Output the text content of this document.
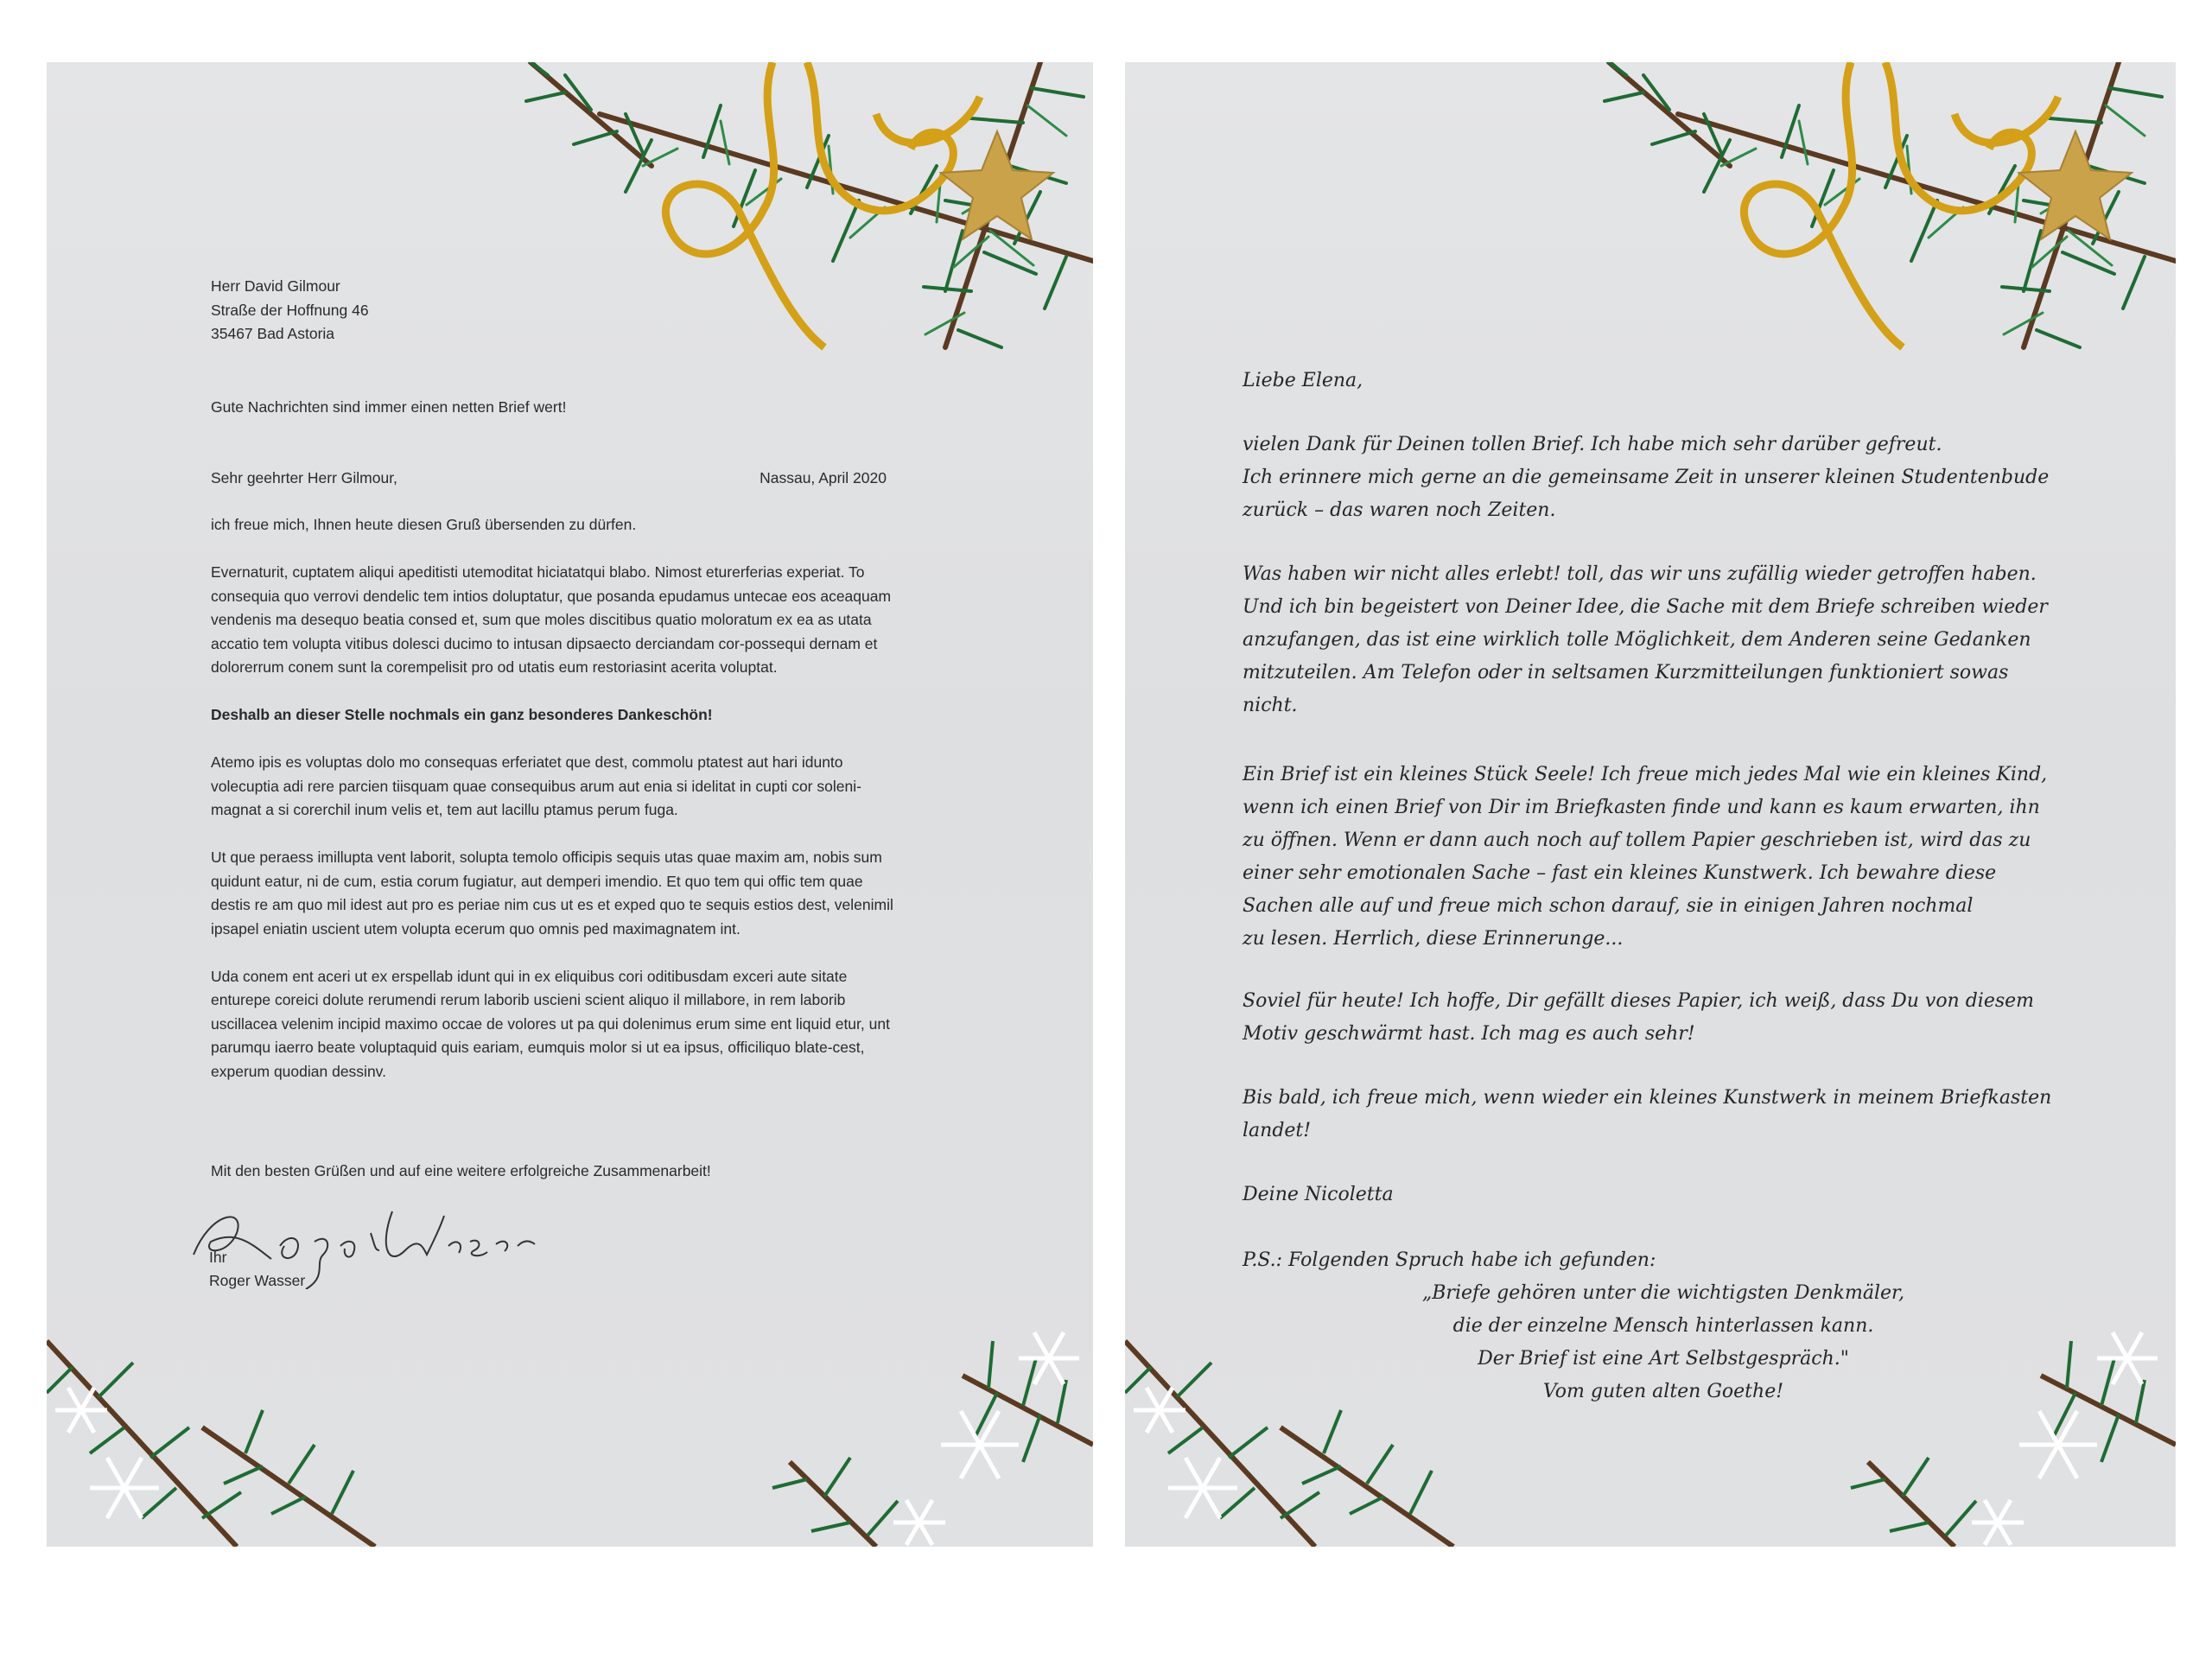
Herr David Gilmour
Straße der Hoffnung 46
35467 Bad Astoria
Gute Nachrichten sind immer einen netten Brief wert!
Sehr geehrter Herr Gilmour,	Nassau, April 2020

ich freue mich, Ihnen heute diesen Gruß übersenden zu dürfen.

Evernaturit, cuptatem aliqui apeditisti utemoditat hiciatatqui blabo. Nimost eturerferias experiat. To consequia quo verrovi dendelic tem intios doluptatur, que posanda epudamus untecae eos aceaquam vendenis ma desequo beatia consed et, sum que moles discitibus quatio moloratum ex ea as utata accatio tem volupta vitibus dolesci ducimo to intusan dipsaecto derciandam cor-possequi dernam et dolorerrum conem sunt la corempelisit pro od utatis eum restoriasint acerita voluptat.

Deshalb an dieser Stelle nochmals ein ganz besonderes Dankeschön!

Atemo ipis es voluptas dolo mo consequas erferiatet que dest, commolu ptatest aut hari idunto volecuptia adi rere parcien tiisquam quae consequibus arum aut enia si idelitat in cupti cor soleni-magnat a si corerchil inum velis et, tem aut lacillu ptamus perum fuga.

Ut que peraess imillupta vent laborit, solupta temolo officipis sequis utas quae maxim am, nobis sum quidunt eatur, ni de cum, estia corum fugiatur, aut demperi imendio. Et quo tem qui offic tem quae destis re am quo mil idest aut pro es periae nim cus ut es et exped quo te sequis estios dest, velenimil ipsapel eniatin uscient utem volupta ecerum quo omnis ped maximagnatem int.

Uda conem ent aceri ut ex erspellab idunt qui in ex eliquibus cori oditibusdam exceri aute sitate enturepe coreici dolute rerumendi rerum laborib uscieni scient aliquo il millabore, in rem laborib uscillacea velenim incipid maximo occae de volores ut pa qui dolenimus erum sime ent liquid etur, unt parumqu iaerro beate voluptaquid quis eariam, eumquis molor si ut ea ipsus, officiliquo blate-cest, experum quodian dessinv.

Mit den besten Grüßen und auf eine weitere erfolgreiche Zusammenarbeit!
Ihr
Roger Wasser
Liebe Elena,
vielen Dank für Deinen tollen Brief. Ich habe mich sehr darüber gefreut.
Ich erinnere mich gerne an die gemeinsame Zeit in unserer kleinen Studentenbude
zurück – das waren noch Zeiten.
Was haben wir nicht alles erlebt! toll, das wir uns zufällig wieder getroffen haben.
Und ich bin begeistert von Deiner Idee, die Sache mit dem Briefe schreiben wieder
anzufangen, das ist eine wirklich tolle Möglichkeit, dem Anderen seine Gedanken
mitzuteilen. Am Telefon oder in seltsamen Kurzmitteilungen funktioniert sowas
nicht.
Ein Brief ist ein kleines Stück Seele! Ich freue mich jedes Mal wie ein kleines Kind,
wenn ich einen Brief von Dir im Briefkasten finde und kann es kaum erwarten, ihn
zu öffnen. Wenn er dann auch noch auf tollem Papier geschrieben ist, wird das zu
einer sehr emotionalen Sache – fast ein kleines Kunstwerk. Ich bewahre diese
Sachen alle auf und freue mich schon darauf, sie in einigen Jahren nochmal
zu lesen. Herrlich, diese Erinnerunge...
Soviel für heute! Ich hoffe, Dir gefällt dieses Papier, ich weiß, dass Du von diesem
Motiv geschwärmt hast. Ich mag es auch sehr!
Bis bald, ich freue mich, wenn wieder ein kleines Kunstwerk in meinem Briefkasten
landet!
Deine Nicoletta
P.S.: Folgenden Spruch habe ich gefunden:
„Briefe gehören unter die wichtigsten Denkmäler,
die der einzelne Mensch hinterlassen kann.
Der Brief ist eine Art Selbstgespräch."
Vom guten alten Goethe!
